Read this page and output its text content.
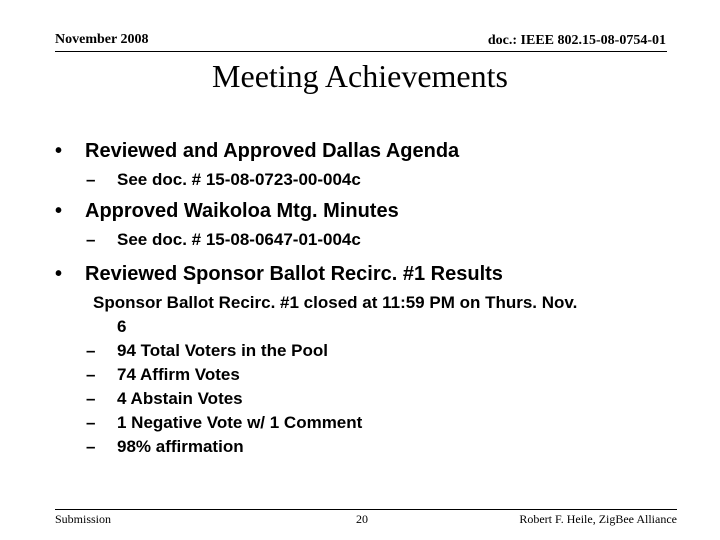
November 2008	doc.: IEEE 802.15-08-0754-01
Meeting Achievements
• Reviewed and Approved Dallas Agenda
– See doc. # 15-08-0723-00-004c
• Approved Waikoloa Mtg. Minutes
– See doc. # 15-08-0647-01-004c
• Reviewed Sponsor Ballot Recirc. #1 Results
Sponsor Ballot Recirc. #1 closed at 11:59 PM on Thurs. Nov.
6
– 94 Total Voters in the Pool
– 74 Affirm Votes
– 4 Abstain Votes
– 1 Negative Vote w/ 1 Comment
– 98% affirmation
Submission	20	Robert F. Heile, ZigBee Alliance
